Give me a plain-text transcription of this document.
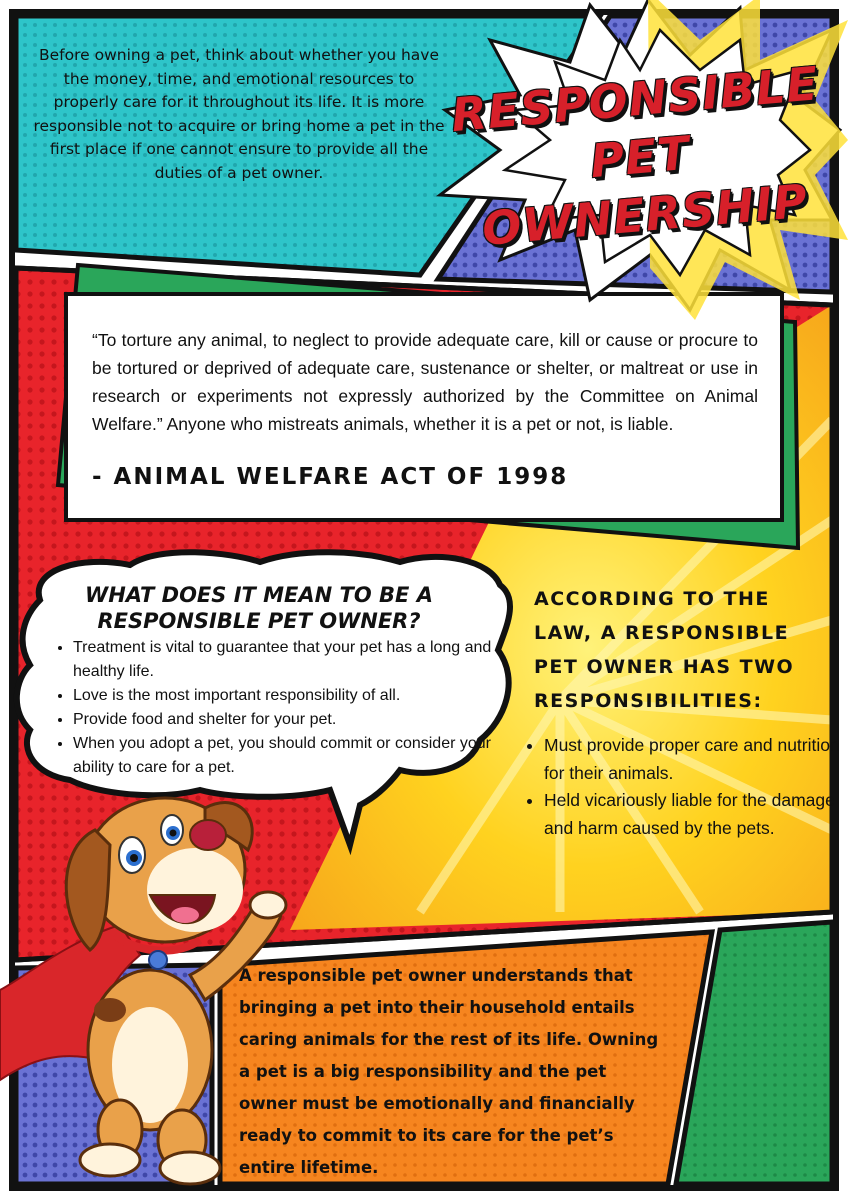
Before owning a pet, think about whether you have the money, time, and emotional resources to properly care for it throughout its life. It is more responsible not to acquire or bring home a pet in the first place if one cannot ensure to provide all the duties of a pet owner.
RESPONSIBLE
PET OWNERSHIP
“To torture any animal, to neglect to provide adequate care, kill or cause or procure to be tortured or deprived of adequate care, sustenance or shelter, or maltreat or use in research or experiments not expressly authorized by the Committee on Animal Welfare.” Anyone who mistreats animals, whether it is a pet or not, is liable.
- ANIMAL WELFARE ACT OF 1998
WHAT DOES IT MEAN TO BE A RESPONSIBLE PET OWNER?
• Treatment is vital to guarantee that your pet has a long and healthy life.
• Love is the most important responsibility of all.
• Provide food and shelter for your pet.
• When you adopt a pet, you should commit or consider your ability to care for a pet.
ACCORDING TO THE LAW, A RESPONSIBLE PET OWNER HAS TWO RESPONSIBILITIES:
• Must provide proper care and nutrition for their animals.
• Held vicariously liable for the damage and harm caused by the pets.
A responsible pet owner understands that bringing a pet into their household entails caring animals for the rest of its life. Owning a pet is a big responsibility and the pet owner must be emotionally and financially ready to commit to its care for the pet’s entire lifetime.
